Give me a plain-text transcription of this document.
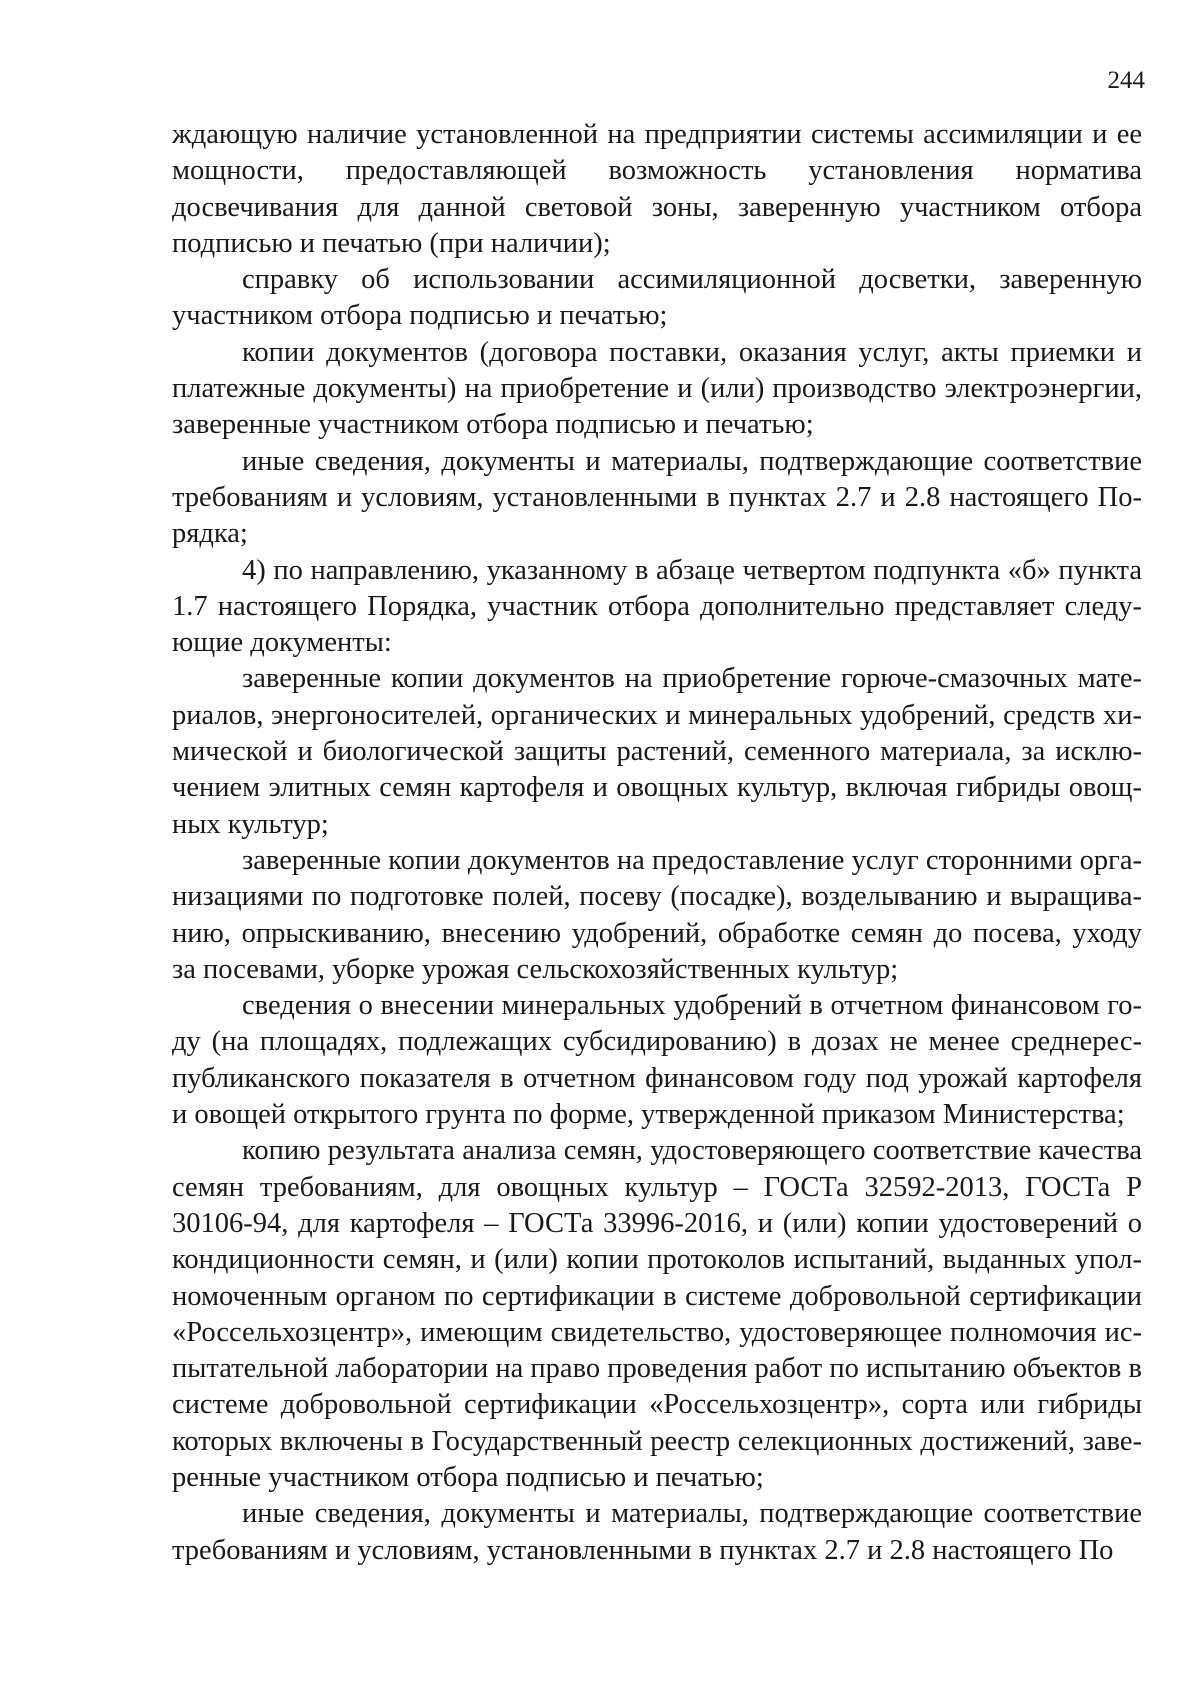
244

ждающую наличие установленной на предприятии системы ассимиляции и ее мощности, предоставляющей возможность установления норматива досвечивания для данной световой зоны, заверенную участником отбора подписью и печатью (при наличии);

справку об использовании ассимиляционной досветки, заверенную участником отбора подписью и печатью;

копии документов (договора поставки, оказания услуг, акты приемки и платежные документы) на приобретение и (или) производство электроэнергии, заверенные участником отбора подписью и печатью;

иные сведения, документы и материалы, подтверждающие соответствие требованиям и условиям, установленными в пунктах 2.7 и 2.8 настоящего Порядка;

4) по направлению, указанному в абзаце четвертом подпункта «б» пункта 1.7 настоящего Порядка, участник отбора дополнительно представляет следующие документы:

заверенные копии документов на приобретение горюче-смазочных материалов, энергоносителей, органических и минеральных удобрений, средств химической и биологической защиты растений, семенного материала, за исключением элитных семян картофеля и овощных культур, включая гибриды овощных культур;

заверенные копии документов на предоставление услуг сторонними организациями по подготовке полей, посеву (посадке), возделыванию и выращиванию, опрыскиванию, внесению удобрений, обработке семян до посева, уходу за посевами, уборке урожая сельскохозяйственных культур;

сведения о внесении минеральных удобрений в отчетном финансовом году (на площадях, подлежащих субсидированию) в дозах не менее среднереспубликанского показателя в отчетном финансовом году под урожай картофеля и овощей открытого грунта по форме, утвержденной приказом Министерства;

копию результата анализа семян, удостоверяющего соответствие качества семян требованиям, для овощных культур – ГОСТа 32592-2013, ГОСТа Р 30106-94, для картофеля – ГОСТа 33996-2016, и (или) копии удостоверений о кондиционности семян, и (или) копии протоколов испытаний, выданных уполномоченным органом по сертификации в системе добровольной сертификации «Россельхозцентр», имеющим свидетельство, удостоверяющее полномочия испытательной лаборатории на право проведения работ по испытанию объектов в системе добровольной сертификации «Россельхозцентр», сорта или гибриды которых включены в Государственный реестр селекционных достижений, заверенные участником отбора подписью и печатью;

иные сведения, документы и материалы, подтверждающие соответствие требованиям и условиям, установленными в пунктах 2.7 и 2.8 настоящего По
